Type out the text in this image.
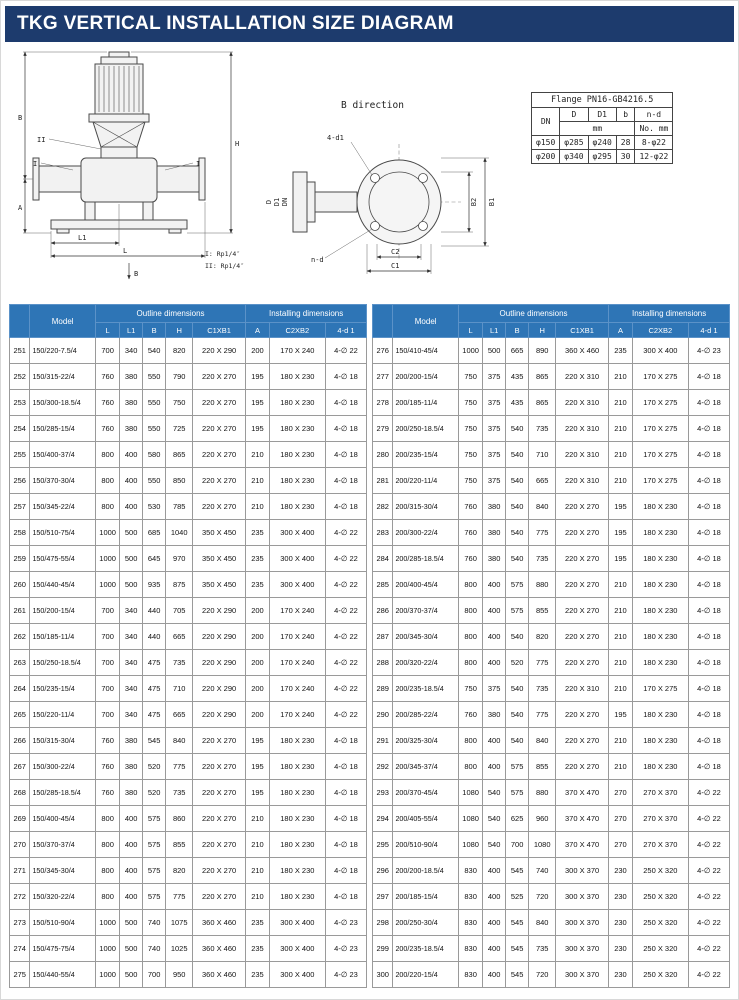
TKG VERTICAL INSTALLATION SIZE DIAGRAM
B
A
H
L1
L
B
II
I	I
I: Rp1/4″
II: Rp1/4″
B direction
4-d1
D D1 DN	B2 B1
C2
C1
n-d
Flange PN16-GB4216.5				
DN	D	D1	b	n-d
	mm			No. mm
φ150	φ285	φ240	28	8-φ22
φ200	φ340	φ295	30	12-φ22
	Model	Outline dimensions					Installing dimensions		
		L	L1	B	H	C1XB1	A	C2XB2	4-d 1
251	150/220-7.5/4	700	340	540	820	220 X 290	200	170 X 240	4-∅ 22
252	150/315-22/4	760	380	550	790	220 X 270	195	180 X 230	4-∅ 18
253	150/300-18.5/4	760	380	550	750	220 X 270	195	180 X 230	4-∅ 18
254	150/285-15/4	760	380	550	725	220 X 270	195	180 X 230	4-∅ 18
255	150/400-37/4	800	400	580	865	220 X 270	210	180 X 230	4-∅ 18
256	150/370-30/4	800	400	550	850	220 X 270	210	180 X 230	4-∅ 18
257	150/345-22/4	800	400	530	785	220 X 270	210	180 X 230	4-∅ 18
258	150/510-75/4	1000	500	685	1040	350 X 450	235	300 X 400	4-∅ 22
259	150/475-55/4	1000	500	645	970	350 X 450	235	300 X 400	4-∅ 22
260	150/440-45/4	1000	500	935	875	350 X 450	235	300 X 400	4-∅ 22
261	150/200-15/4	700	340	440	705	220 X 290	200	170 X 240	4-∅ 22
262	150/185-11/4	700	340	440	665	220 X 290	200	170 X 240	4-∅ 22
263	150/250-18.5/4	700	340	475	735	220 X 290	200	170 X 240	4-∅ 22
264	150/235-15/4	700	340	475	710	220 X 290	200	170 X 240	4-∅ 22
265	150/220-11/4	700	340	475	665	220 X 290	200	170 X 240	4-∅ 22
266	150/315-30/4	760	380	545	840	220 X 270	195	180 X 230	4-∅ 18
267	150/300-22/4	760	380	520	775	220 X 270	195	180 X 230	4-∅ 18
268	150/285-18.5/4	760	380	520	735	220 X 270	195	180 X 230	4-∅ 18
269	150/400-45/4	800	400	575	860	220 X 270	210	180 X 230	4-∅ 18
270	150/370-37/4	800	400	575	855	220 X 270	210	180 X 230	4-∅ 18
271	150/345-30/4	800	400	575	820	220 X 270	210	180 X 230	4-∅ 18
272	150/320-22/4	800	400	575	775	220 X 270	210	180 X 230	4-∅ 18
273	150/510-90/4	1000	500	740	1075	360 X 460	235	300 X 400	4-∅ 23
274	150/475-75/4	1000	500	740	1025	360 X 460	235	300 X 400	4-∅ 23
275	150/440-55/4	1000	500	700	950	360 X 460	235	300 X 400	4-∅ 23
	Model	Outline dimensions					Installing dimensions		
		L	L1	B	H	C1XB1	A	C2XB2	4-d 1
276	150/410-45/4	1000	500	665	890	360 X 460	235	300 X 400	4-∅ 23
277	200/200-15/4	750	375	435	865	220 X 310	210	170 X 275	4-∅ 18
278	200/185-11/4	750	375	435	865	220 X 310	210	170 X 275	4-∅ 18
279	200/250-18.5/4	750	375	540	735	220 X 310	210	170 X 275	4-∅ 18
280	200/235-15/4	750	375	540	710	220 X 310	210	170 X 275	4-∅ 18
281	200/220-11/4	750	375	540	665	220 X 310	210	170 X 275	4-∅ 18
282	200/315-30/4	760	380	540	840	220 X 270	195	180 X 230	4-∅ 18
283	200/300-22/4	760	380	540	775	220 X 270	195	180 X 230	4-∅ 18
284	200/285-18.5/4	760	380	540	735	220 X 270	195	180 X 230	4-∅ 18
285	200/400-45/4	800	400	575	880	220 X 270	210	180 X 230	4-∅ 18
286	200/370-37/4	800	400	575	855	220 X 270	210	180 X 230	4-∅ 18
287	200/345-30/4	800	400	540	820	220 X 270	210	180 X 230	4-∅ 18
288	200/320-22/4	800	400	520	775	220 X 270	210	180 X 230	4-∅ 18
289	200/235-18.5/4	750	375	540	735	220 X 310	210	170 X 275	4-∅ 18
290	200/285-22/4	760	380	540	775	220 X 270	195	180 X 230	4-∅ 18
291	200/325-30/4	800	400	540	840	220 X 270	210	180 X 230	4-∅ 18
292	200/345-37/4	800	400	575	855	220 X 270	210	180 X 230	4-∅ 18
293	200/370-45/4	1080	540	575	880	370 X 470	270	270 X 370	4-∅ 22
294	200/405-55/4	1080	540	625	960	370 X 470	270	270 X 370	4-∅ 22
295	200/510-90/4	1080	540	700	1080	370 X 470	270	270 X 370	4-∅ 22
296	200/200-18.5/4	830	400	545	740	300 X 370	230	250 X 320	4-∅ 22
297	200/185-15/4	830	400	525	720	300 X 370	230	250 X 320	4-∅ 22
298	200/250-30/4	830	400	545	840	300 X 370	230	250 X 320	4-∅ 22
299	200/235-18.5/4	830	400	545	735	300 X 370	230	250 X 320	4-∅ 22
300	200/220-15/4	830	400	545	720	300 X 370	230	250 X 320	4-∅ 22
